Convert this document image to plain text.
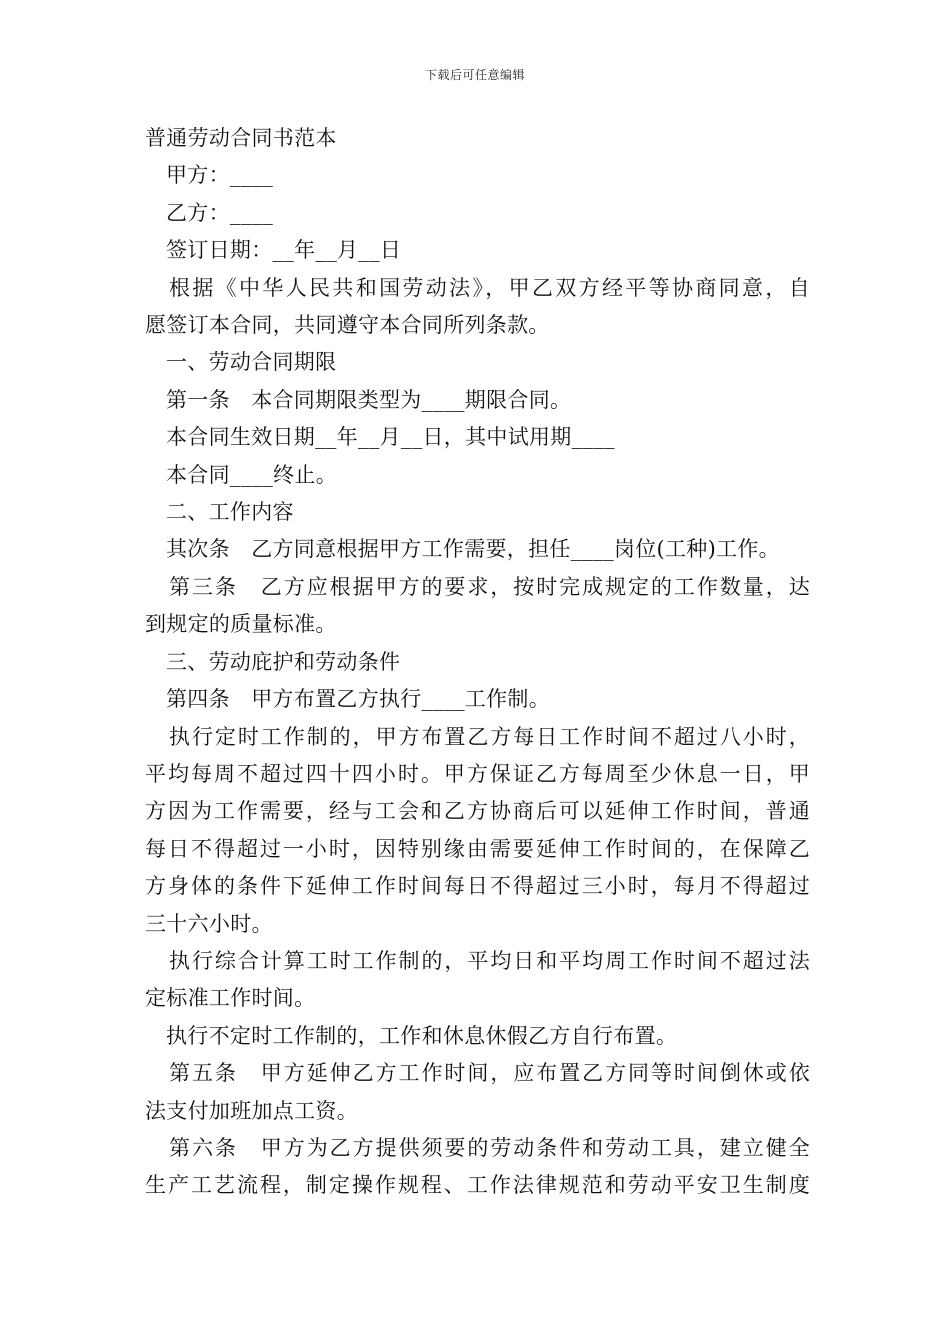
下载后可任意编辑
普通劳动合同书范本
甲方：____
乙方：____
签订日期：__年__月__日
根据《中华人民共和国劳动法》，甲乙双方经平等协商同意，自
愿签订本合同，共同遵守本合同所列条款。
一、劳动合同期限
第一条　本合同期限类型为____期限合同。
本合同生效日期__年__月__日，其中试用期____
本合同____终止。
二、工作内容
其次条　乙方同意根据甲方工作需要，担任____岗位(工种)工作。
第三条　乙方应根据甲方的要求，按时完成规定的工作数量，达
到规定的质量标准。
三、劳动庇护和劳动条件
第四条　甲方布置乙方执行____工作制。
执行定时工作制的，甲方布置乙方每日工作时间不超过八小时，
平均每周不超过四十四小时。甲方保证乙方每周至少休息一日，甲
方因为工作需要，经与工会和乙方协商后可以延伸工作时间，普通
每日不得超过一小时，因特别缘由需要延伸工作时间的，在保障乙
方身体的条件下延伸工作时间每日不得超过三小时，每月不得超过
三十六小时。
执行综合计算工时工作制的，平均日和平均周工作时间不超过法
定标准工作时间。
执行不定时工作制的，工作和休息休假乙方自行布置。
第五条　甲方延伸乙方工作时间，应布置乙方同等时间倒休或依
法支付加班加点工资。
第六条　甲方为乙方提供须要的劳动条件和劳动工具，建立健全
生产工艺流程，制定操作规程、工作法律规范和劳动平安卫生制度
